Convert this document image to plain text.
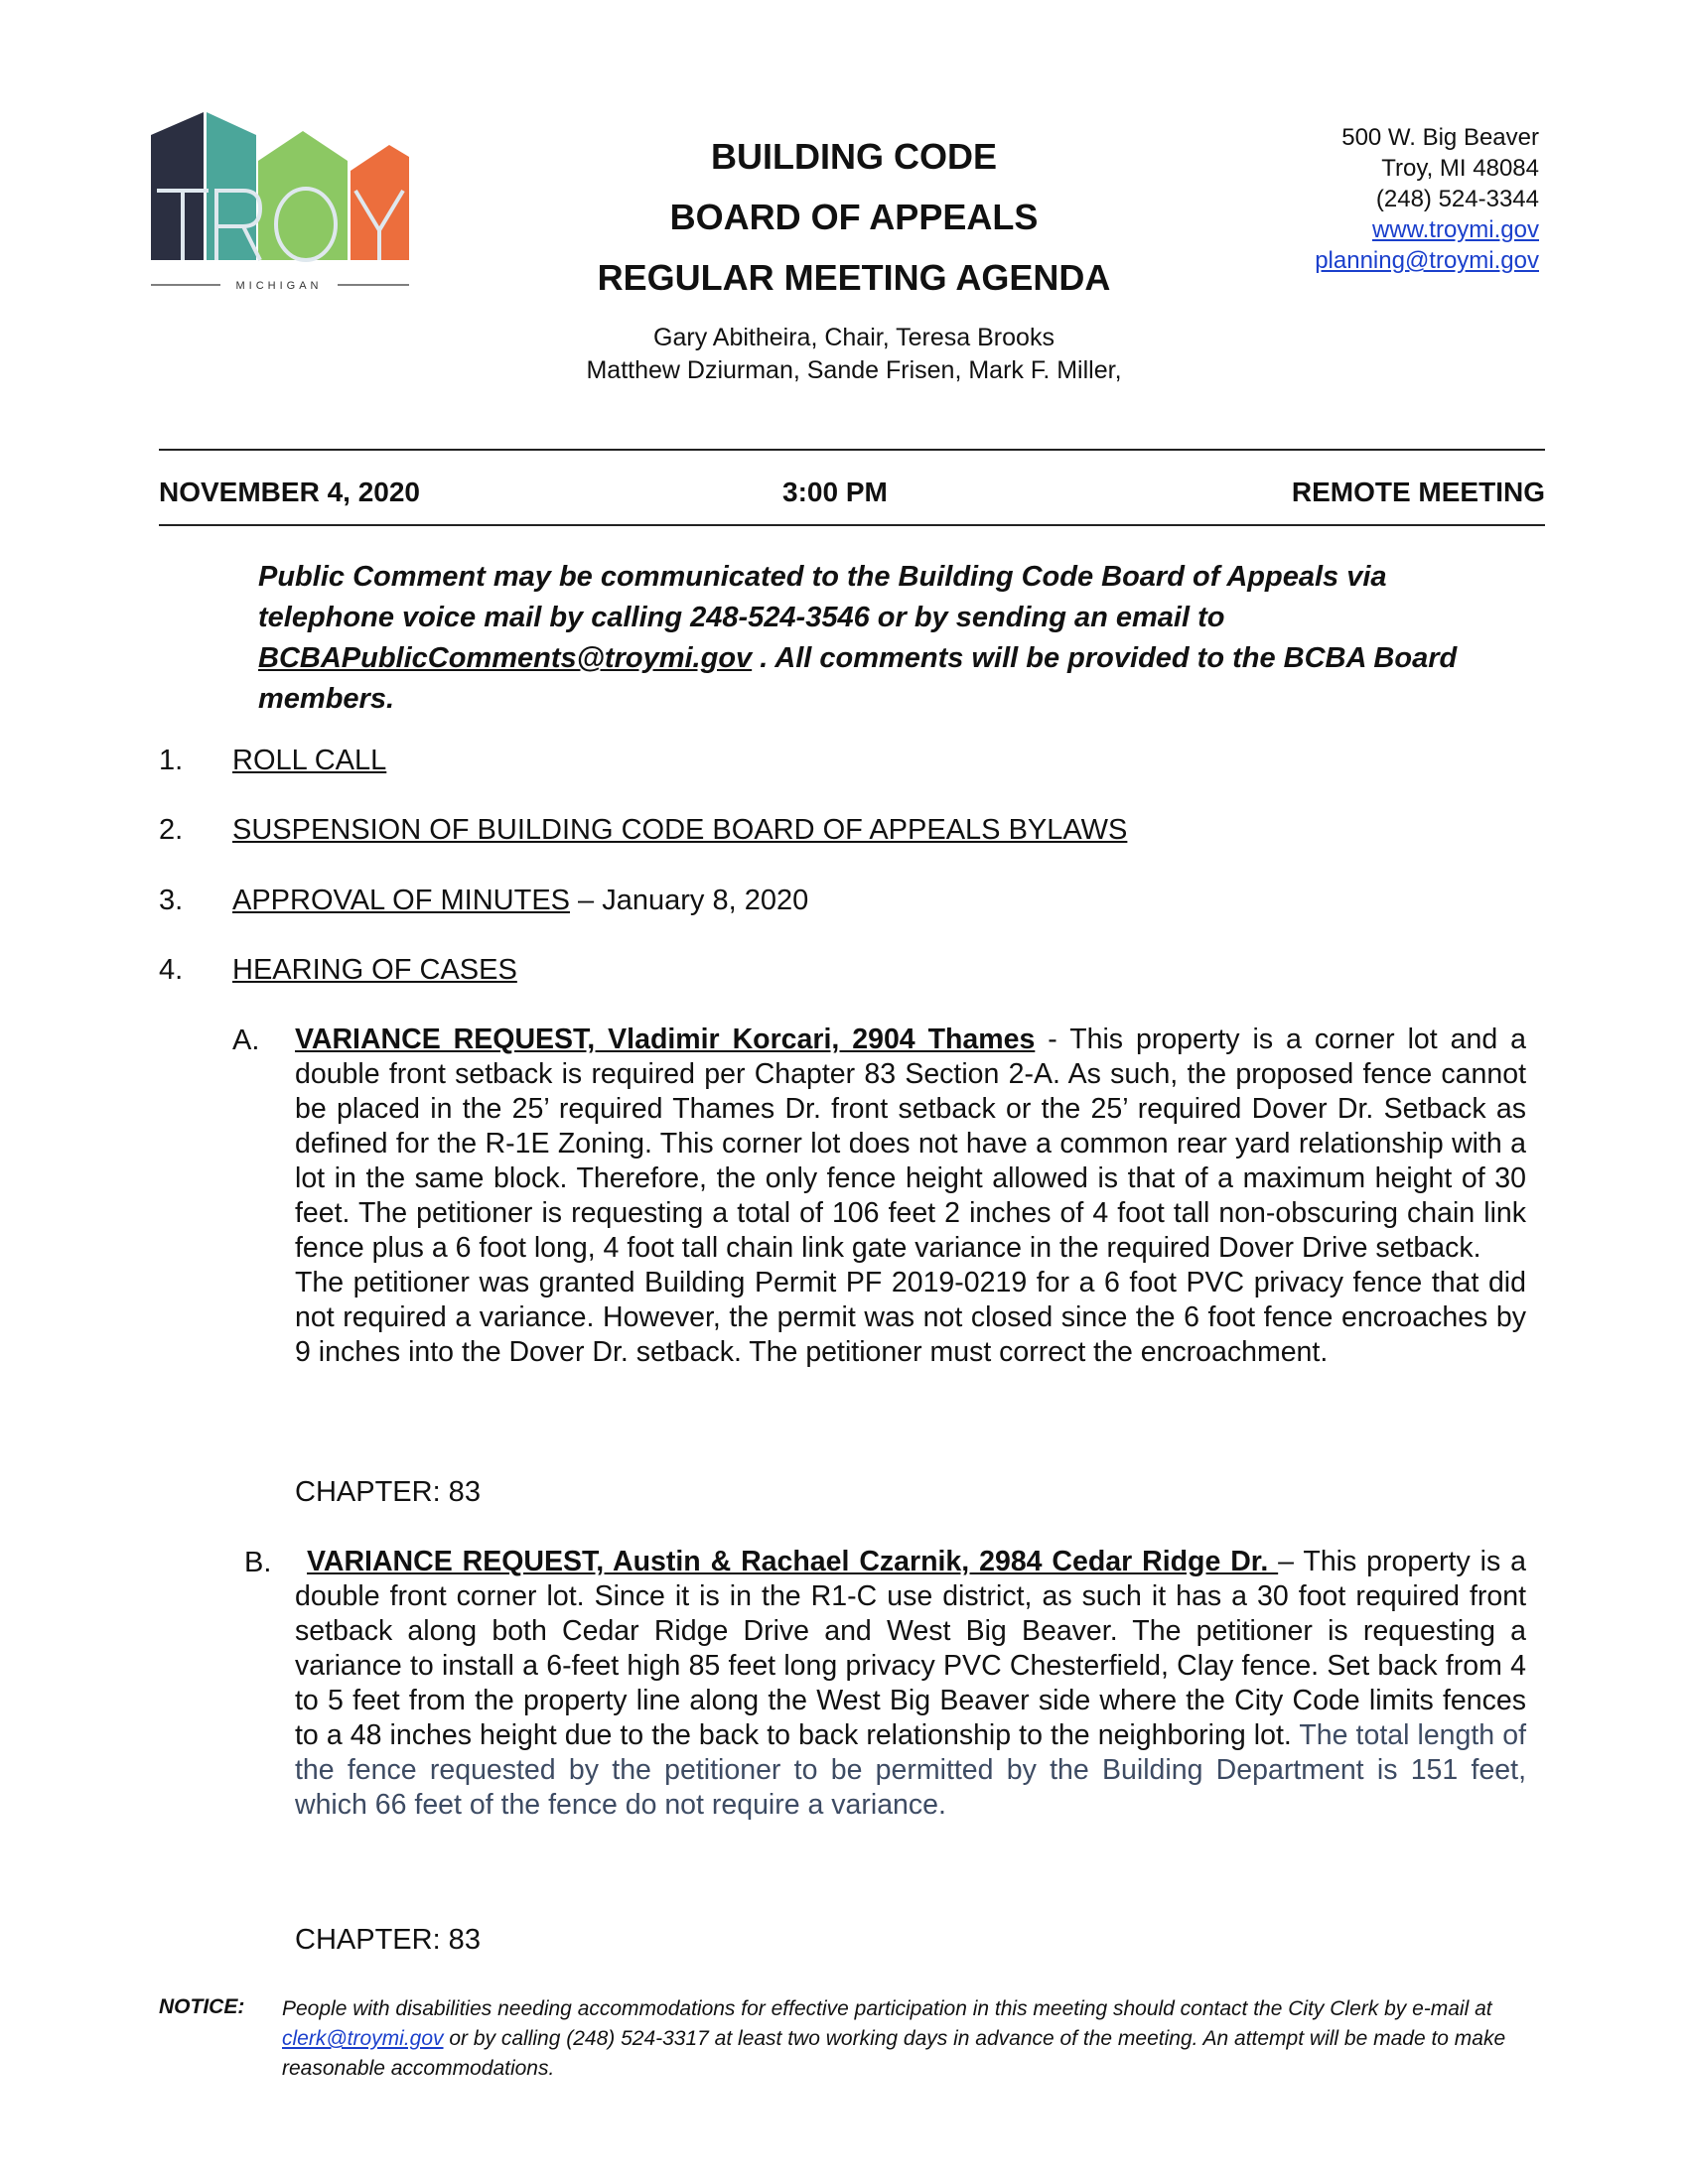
MICHIGAN
BUILDING CODE
BOARD OF APPEALS
REGULAR MEETING AGENDA
Gary Abitheira, Chair, Teresa Brooks
Matthew Dziurman, Sande Frisen, Mark F. Miller,
500 W. Big Beaver
Troy, MI 48084
(248) 524-3344
www.troymi.gov
planning@troymi.gov
NOVEMBER 4, 2020	3:00 PM	REMOTE MEETING
Public Comment may be communicated to the Building Code Board of Appeals via telephone voice mail by calling 248-524-3546 or by sending an email to BCBAPublicComments@troymi.gov . All comments will be provided to the BCBA Board members.
1. ROLL CALL
2. SUSPENSION OF BUILDING CODE BOARD OF APPEALS BYLAWS
3. APPROVAL OF MINUTES – January 8, 2020
4. HEARING OF CASES
A. VARIANCE REQUEST, Vladimir Korcari, 2904 Thames - This property is a corner lot and a double front setback is required per Chapter 83 Section 2-A. As such, the proposed fence cannot be placed in the 25’ required Thames Dr. front setback or the 25’ required Dover Dr. Setback as defined for the R-1E Zoning. This corner lot does not have a common rear yard relationship with a lot in the same block. Therefore, the only fence height allowed is that of a maximum height of 30 feet. The petitioner is requesting a total of 106 feet 2 inches of 4 foot tall non-obscuring chain link fence plus a 6 foot long, 4 foot tall chain link gate variance in the required Dover Drive setback.
The petitioner was granted Building Permit PF 2019-0219 for a 6 foot PVC privacy fence that did not required a variance. However, the permit was not closed since the 6 foot fence encroaches by 9 inches into the Dover Dr. setback. The petitioner must correct the encroachment.
CHAPTER: 83
B.	VARIANCE REQUEST, Austin & Rachael Czarnik, 2984 Cedar Ridge Dr. – This property is a double front corner lot. Since it is in the R1-C use district, as such it has a 30 foot required front setback along both Cedar Ridge Drive and West Big Beaver. The petitioner is requesting a variance to install a 6-feet high 85 feet long privacy PVC Chesterfield, Clay fence. Set back from 4 to 5 feet from the property line along the West Big Beaver side where the City Code limits fences to a 48 inches height due to the back to back relationship to the neighboring lot. The total length of the fence requested by the petitioner to be permitted by the Building Department is 151 feet, which 66 feet of the fence do not require a variance.
CHAPTER: 83
NOTICE: People with disabilities needing accommodations for effective participation in this meeting should contact the City Clerk by e-mail at clerk@troymi.gov or by calling (248) 524-3317 at least two working days in advance of the meeting. An attempt will be made to make reasonable accommodations.
